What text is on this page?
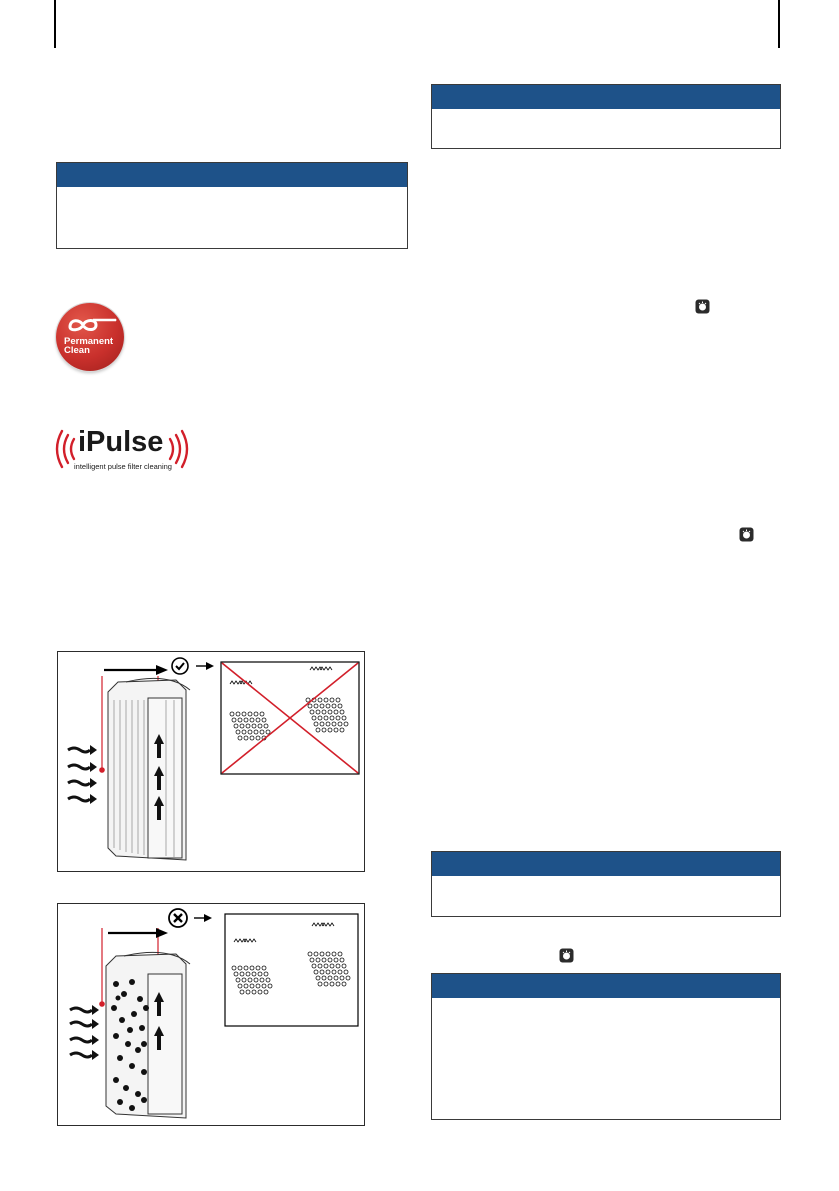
Permanent
Clean
iPulse
intelligent pulse filter cleaning
